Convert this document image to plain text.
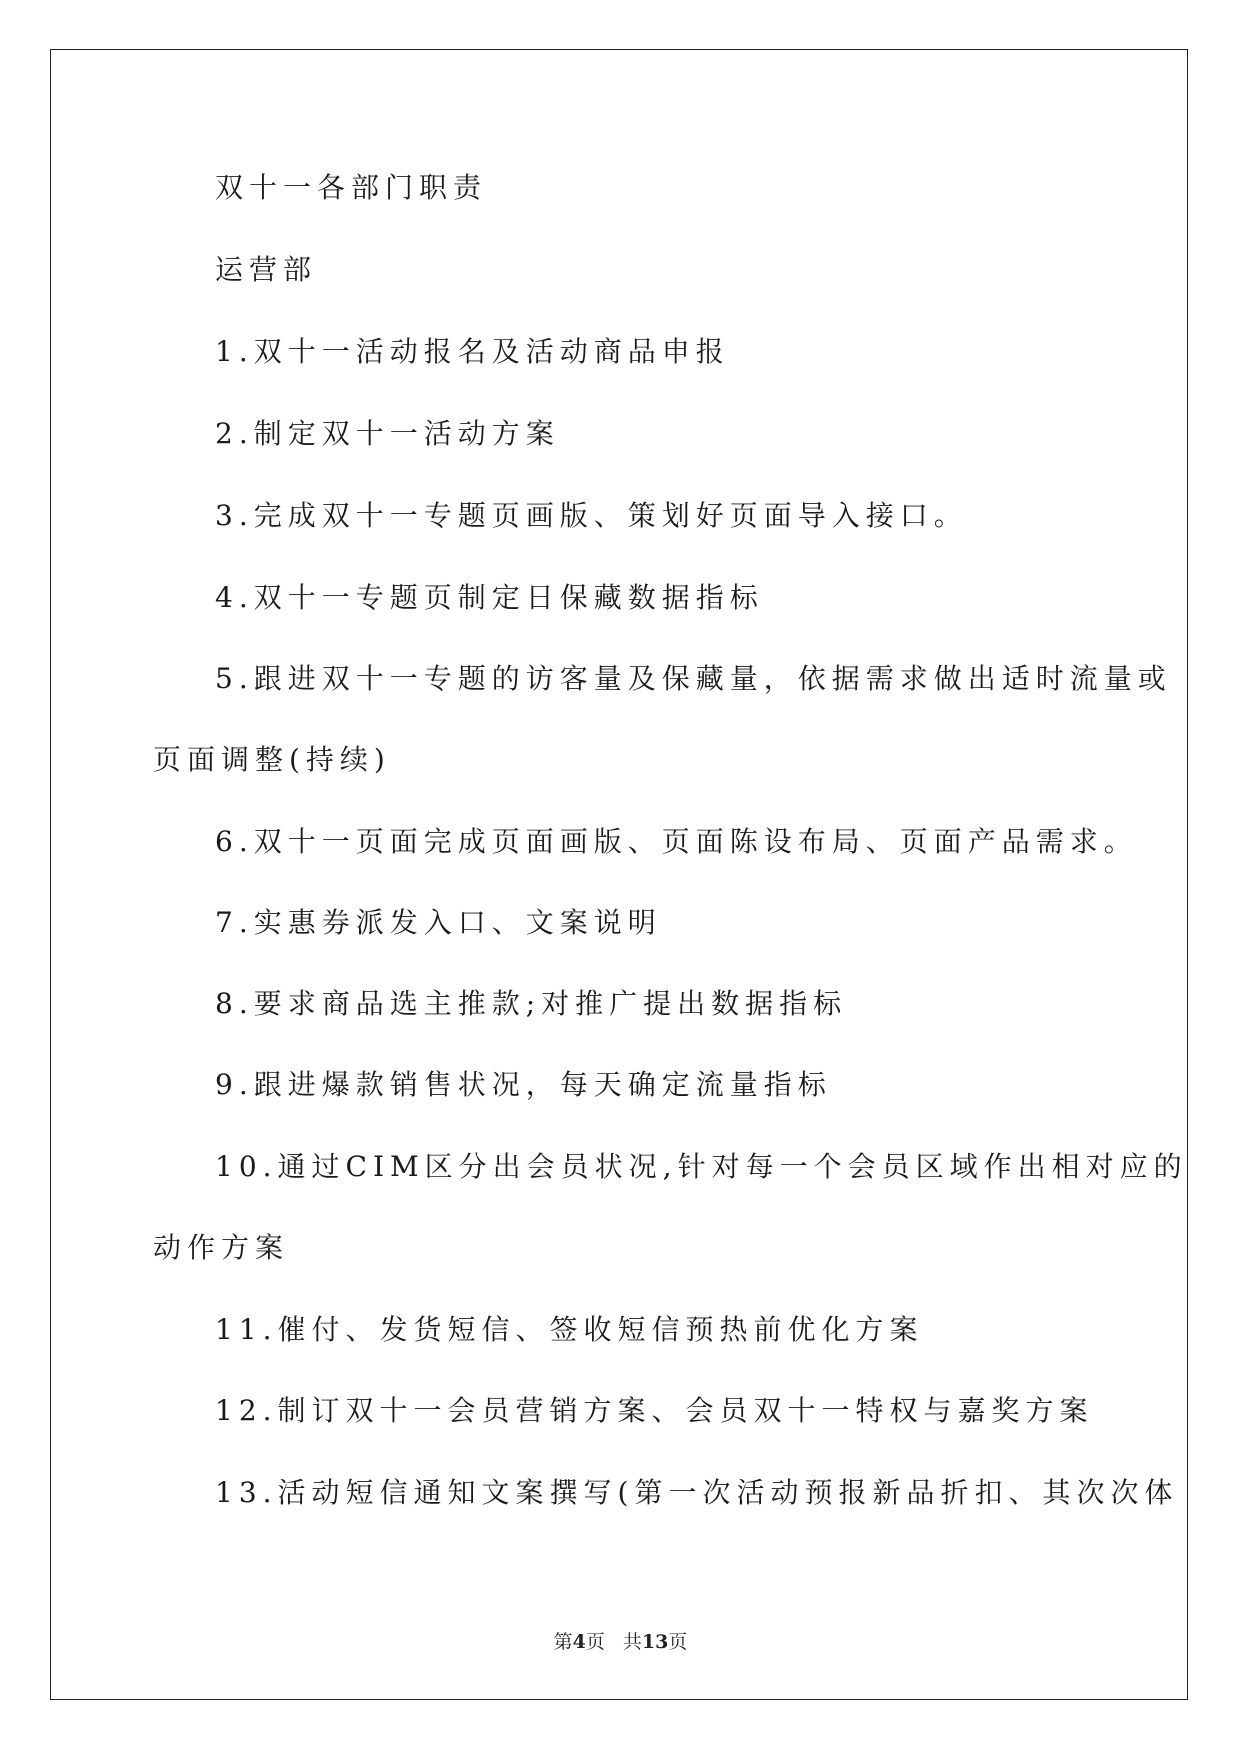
双十一各部门职责
运营部
1.双十一活动报名及活动商品申报
2.制定双十一活动方案
3.完成双十一专题页画版、策划好页面导入接口。
4.双十一专题页制定日保藏数据指标
5.跟进双十一专题的访客量及保藏量，依据需求做出适时流量或
页面调整(持续)
6.双十一页面完成页面画版、页面陈设布局、页面产品需求。
7.实惠券派发入口、文案说明
8.要求商品选主推款;对推广提出数据指标
9.跟进爆款销售状况，每天确定流量指标
10.通过CIM区分出会员状况,针对每一个会员区域作出相对应的
动作方案
11.催付、发货短信、签收短信预热前优化方案
12.制订双十一会员营销方案、会员双十一特权与嘉奖方案
13.活动短信通知文案撰写(第一次活动预报新品折扣、其次次体
第4页 共13页
